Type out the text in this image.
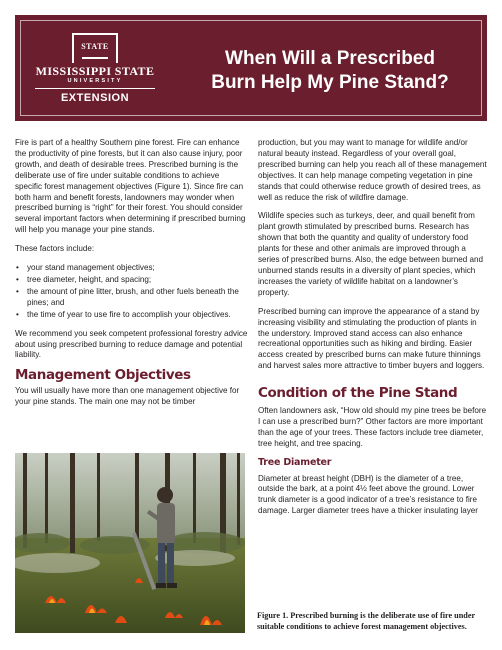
STATE
MISSISSIPPI STATE
UNIVERSITY
EXTENSION
When Will a Prescribed
Burn Help My Pine Stand?

Fire is part of a healthy Southern pine forest. Fire can enhance the productivity of pine forests, but it can also cause injury, poor growth, and death of desirable trees. Prescribed burning is the deliberate use of fire under suitable conditions to achieve specific forest management objectives (Figure 1). Since fire can both harm and benefit forests, landowners may wonder when prescribed burning is “right” for their forest. You should consider several important factors when determining if prescribed burning will help you manage your pine stands.

These factors include:

• your stand management objectives;
• tree diameter, height, and spacing;
• the amount of pine litter, brush, and other fuels beneath the pines; and
• the time of year to use fire to accomplish your objectives.

We recommend you seek competent professional forestry advice about using prescribed burning to reduce damage and potential liability.

Management Objectives

You will usually have more than one management objective for your pine stands. The main one may not be timber

production, but you may want to manage for wildlife and/or natural beauty instead. Regardless of your overall goal, prescribed burning can help you reach all of these management objectives. It can help manage competing vegetation in pine stands that could otherwise reduce growth of desired trees, as well as reduce the risk of wildfire damage.

Wildlife species such as turkeys, deer, and quail benefit from plant growth stimulated by prescribed burns. Research has shown that both the quantity and quality of understory food plants for these and other animals are improved through a series of prescribed burns. Also, the edge between burned and unburned stands results in a diversity of plant species, which increases the variety of wildlife habitat on a landowner’s property.

Prescribed burning can improve the appearance of a stand by increasing visibility and stimulating the production of plants in the understory. Improved stand access can also enhance recreational opportunities such as hiking and birding. Easier access created by prescribed burns can make future thinnings and harvest sales more attractive to timber buyers and loggers.

Condition of the Pine Stand

Often landowners ask, “How old should my pine trees be before I can use a prescribed burn?” Other factors are more important than the age of your trees. These factors include tree diameter, tree height, and tree spacing.

Tree Diameter

Diameter at breast height (DBH) is the diameter of a tree, outside the bark, at a point 4½ feet above the ground. Lower trunk diameter is a good indicator of a tree’s resistance to fire damage. Larger diameter trees have a thicker insulating layer

Figure 1. Prescribed burning is the deliberate use of fire under suitable conditions to achieve forest management objectives.
